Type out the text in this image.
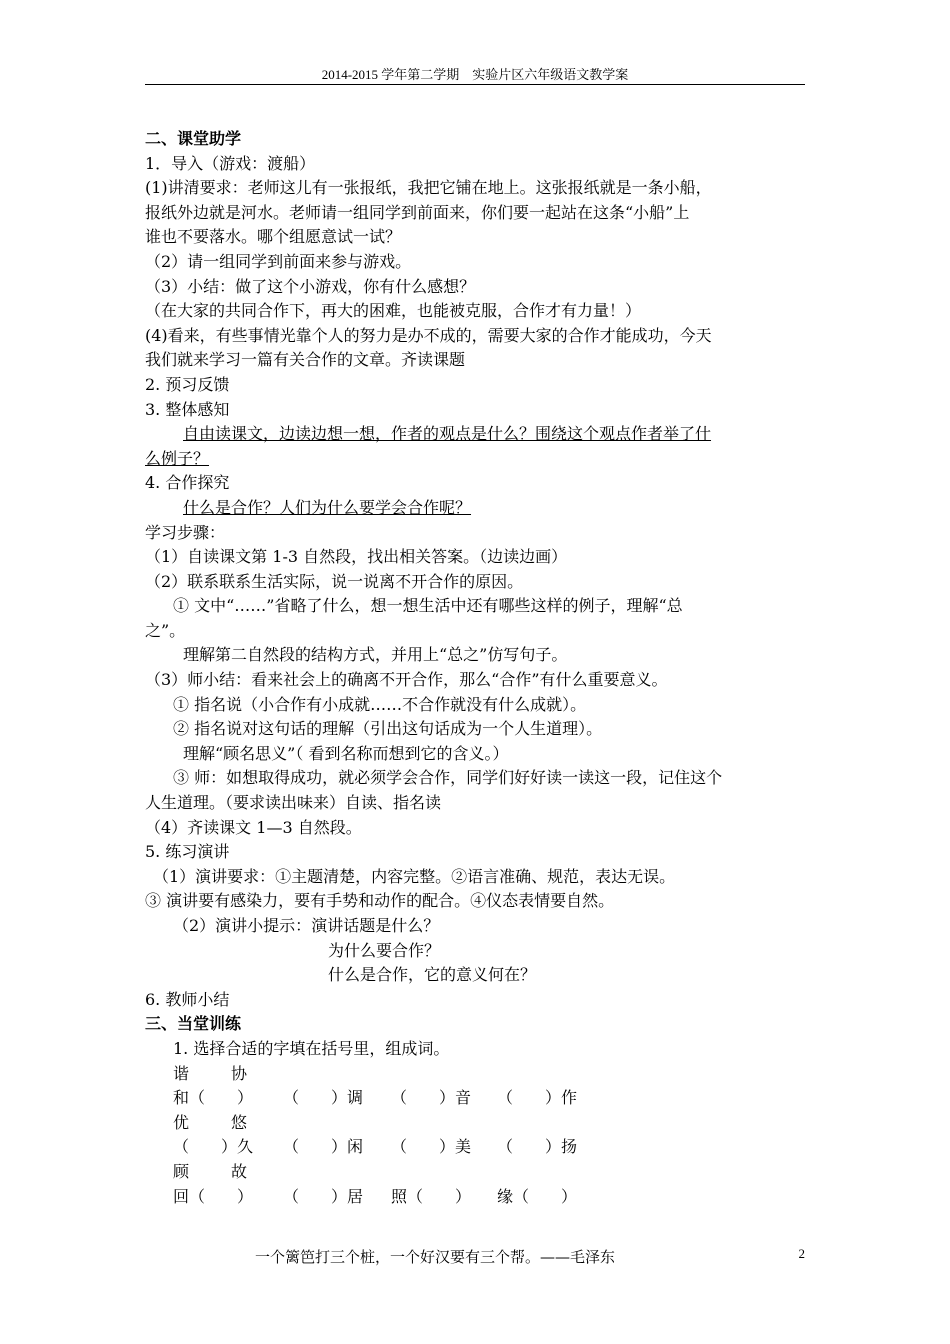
2014-2015 学年第二学期　实验片区六年级语文教学案
二、课堂助学
1．导入（游戏：渡船）
(1)讲清要求：老师这儿有一张报纸，我把它铺在地上。这张报纸就是一条小船，
报纸外边就是河水。老师请一组同学到前面来，你们要一起站在这条“小船”上
谁也不要落水。哪个组愿意试一试？
（2）请一组同学到前面来参与游戏。
（3）小结：做了这个小游戏，你有什么感想？
（在大家的共同合作下，再大的困难，也能被克服，合作才有力量！）
(4)看来，有些事情光靠个人的努力是办不成的，需要大家的合作才能成功，今天
我们就来学习一篇有关合作的文章。齐读课题
2. 预习反馈
3. 整体感知
自由读课文，边读边想一想，作者的观点是什么？围绕这个观点作者举了什
么例子？
4. 合作探究
什么是合作？人们为什么要学会合作呢？
学习步骤：
（1）自读课文第 1-3 自然段，找出相关答案。（边读边画）
（2）联系联系生活实际，说一说离不开合作的原因。
① 文中“……”省略了什么，想一想生活中还有哪些这样的例子，理解“总
之”。
理解第二自然段的结构方式，并用上“总之”仿写句子。
（3）师小结：看来社会上的确离不开合作，那么“合作”有什么重要意义。
① 指名说（小合作有小成就……不合作就没有什么成就）。
② 指名说对这句话的理解（引出这句话成为一个人生道理）。
理解“顾名思义”（ 看到名称而想到它的含义。）
③ 师：如想取得成功，就必须学会合作，同学们好好读一读这一段，记住这个
人生道理。（要求读出味来）自读、指名读
（4）齐读课文 1—3 自然段。
5. 练习演讲
（1）演讲要求：①主题清楚，内容完整。②语言准确、规范，表达无误。
③ 演讲要有感染力，要有手势和动作的配合。④仪态表情要自然。
（2）演讲小提示：演讲话题是什么？
为什么要合作？
什么是合作，它的意义何在？
6. 教师小结
三、当堂训练
1. 选择合适的字填在括号里，组成词。
谐	协
和（　　） （　　）调 （　　）音 （　　）作
优	悠
（　　）久 （　　）闲 （　　）美 （　　）扬
顾	故
回（　　） （　　）居 照（　　） 缘（　　）
一个篱笆打三个桩，一个好汉要有三个帮。——毛泽东	2
